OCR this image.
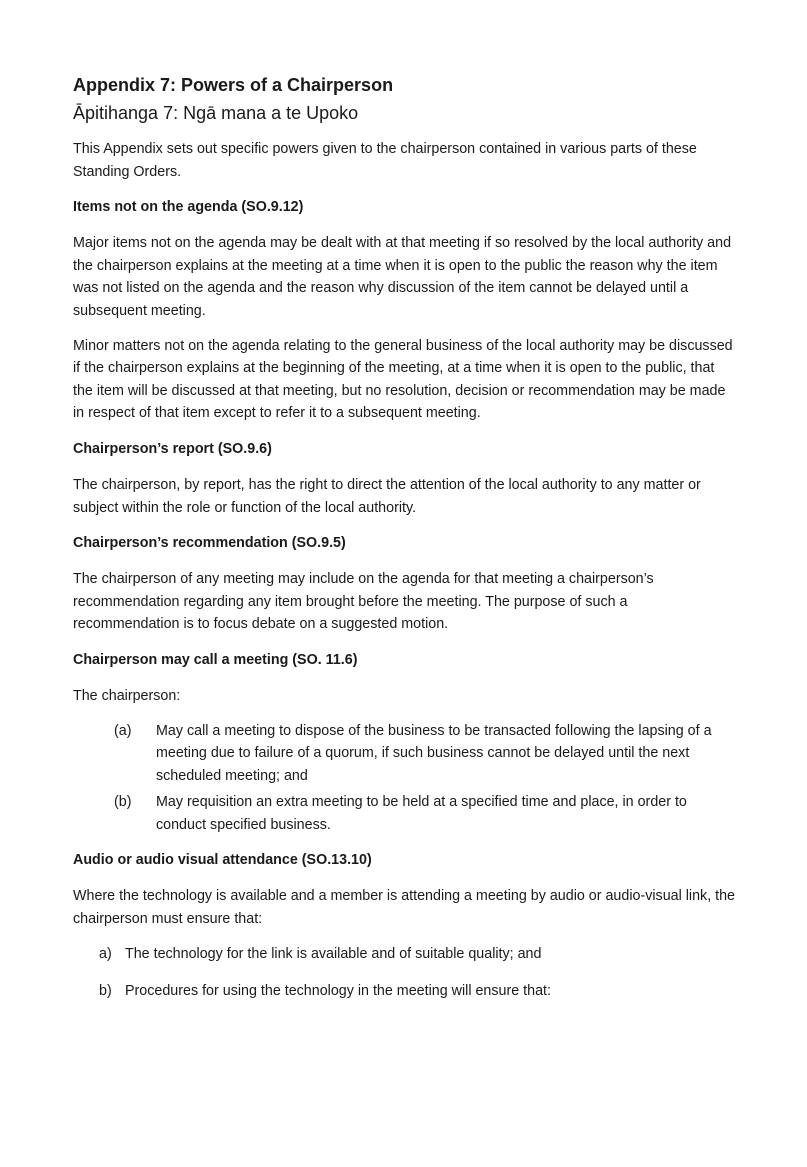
Appendix 7: Powers of a Chairperson
Āpitihanga 7: Ngā mana a te Upoko

This Appendix sets out specific powers given to the chairperson contained in various parts of these Standing Orders.

Items not on the agenda (SO.9.12)

Major items not on the agenda may be dealt with at that meeting if so resolved by the local authority and the chairperson explains at the meeting at a time when it is open to the public the reason why the item was not listed on the agenda and the reason why discussion of the item cannot be delayed until a subsequent meeting.

Minor matters not on the agenda relating to the general business of the local authority may be discussed if the chairperson explains at the beginning of the meeting, at a time when it is open to the public, that the item will be discussed at that meeting, but no resolution, decision or recommendation may be made in respect of that item except to refer it to a subsequent meeting.

Chairperson’s report (SO.9.6)

The chairperson, by report, has the right to direct the attention of the local authority to any matter or subject within the role or function of the local authority.

Chairperson’s recommendation (SO.9.5)

The chairperson of any meeting may include on the agenda for that meeting a chairperson’s recommendation regarding any item brought before the meeting. The purpose of such a recommendation is to focus debate on a suggested motion.

Chairperson may call a meeting (SO. 11.6)

The chairperson:

(a)	May call a meeting to dispose of the business to be transacted following the lapsing of a meeting due to failure of a quorum, if such business cannot be delayed until the next scheduled meeting; and
(b)	May requisition an extra meeting to be held at a specified time and place, in order to conduct specified business.
Audio or audio visual attendance (SO.13.10)

Where the technology is available and a member is attending a meeting by audio or audio-visual link, the chairperson must ensure that:

a) The technology for the link is available and of suitable quality; and
b) Procedures for using the technology in the meeting will ensure that:
